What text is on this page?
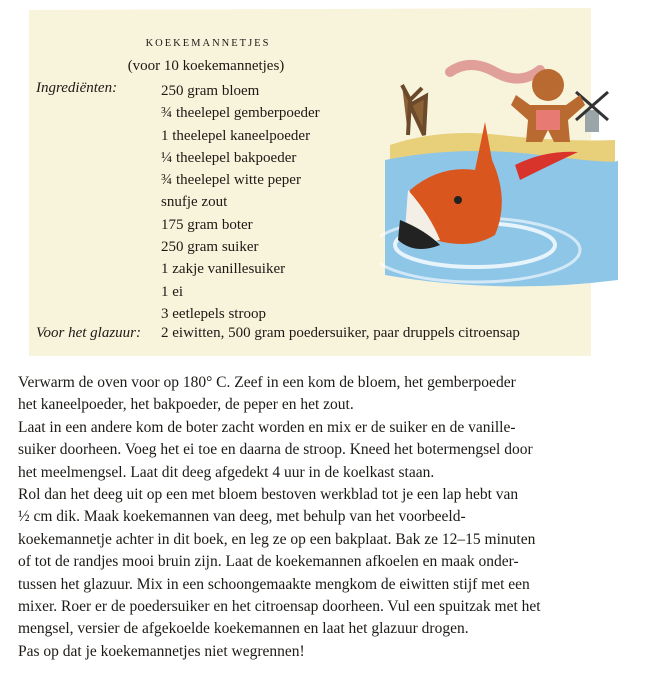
KOEKEMANNETJES
(voor 10 koekemannetjes)
Ingrediënten:	250 gram bloem
¾ theelepel gemberpoeder
1 theelepel kaneelpoeder
¼ theelepel bakpoeder
¾ theelepel witte peper
snufje zout
175 gram boter
250 gram suiker
1 zakje vanillesuiker
1 ei
3 eetlepels stroop
Voor het glazuur: 2 eiwitten, 500 gram poedersuiker, paar druppels citroensap
Verwarm de oven voor op 180° C. Zeef in een kom de bloem, het gemberpoeder
het kaneelpoeder, het bakpoeder, de peper en het zout.
Laat in een andere kom de boter zacht worden en mix er de suiker en de vanille-
suiker doorheen. Voeg het ei toe en daarna de stroop. Kneed het botermengsel door
het meelmengsel. Laat dit deeg afgedekt 4 uur in de koelkast staan.
Rol dan het deeg uit op een met bloem bestoven werkblad tot je een lap hebt van
½ cm dik. Maak koekemannen van deeg, met behulp van het voorbeeld-
koekemannetje achter in dit boek, en leg ze op een bakplaat. Bak ze 12–15 minuten
of tot de randjes mooi bruin zijn. Laat de koekemannen afkoelen en maak onder-
tussen het glazuur. Mix in een schoongemaakte mengkom de eiwitten stijf met een
mixer. Roer er de poedersuiker en het citroensap doorheen. Vul een spuitzak met het
mengsel, versier de afgekoelde koekemannen en laat het glazuur drogen.
Pas op dat je koekemannetjes niet wegrennen!
